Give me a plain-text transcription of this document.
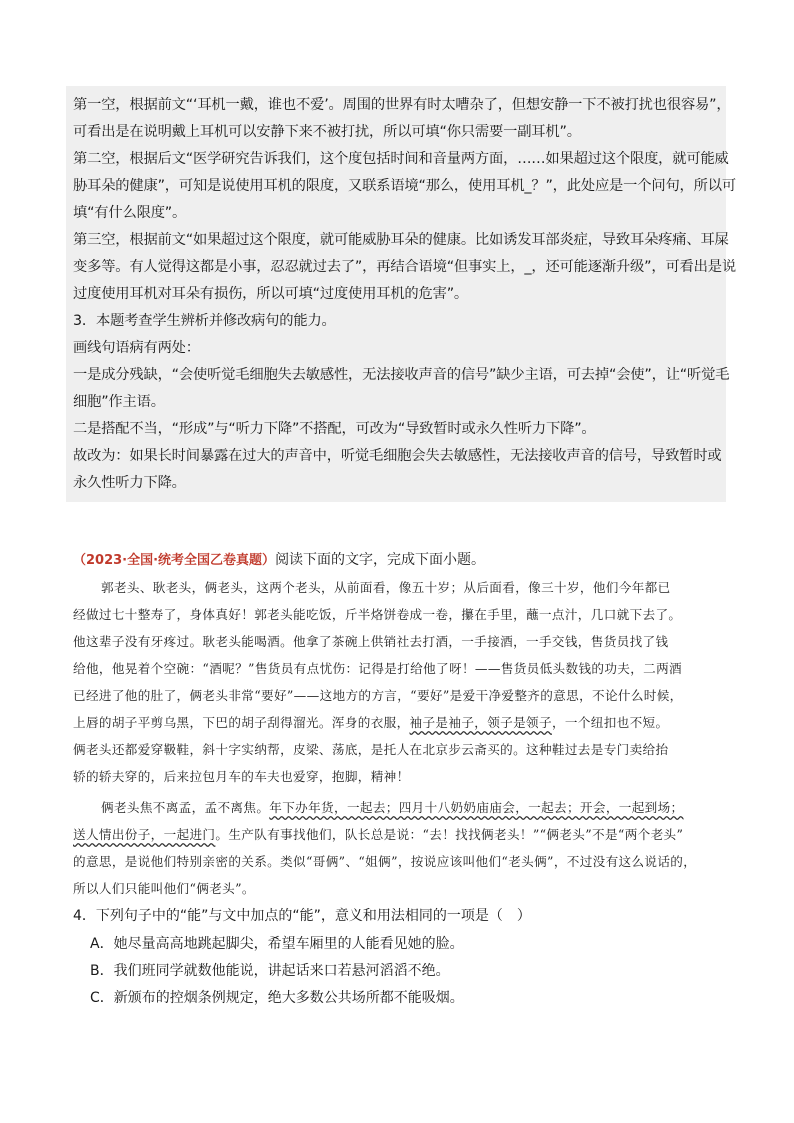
第一空，根据前文“‘耳机一戴，谁也不爱’。周围的世界有时太嘈杂了，但想安静一下不被打扰也很容易”，
可看出是在说明戴上耳机可以安静下来不被打扰，所以可填“你只需要一副耳机”。
第二空，根据后文“医学研究告诉我们，这个度包括时间和音量两方面，……如果超过这个限度，就可能威
胁耳朵的健康”，可知是说使用耳机的限度，又联系语境“那么，使用耳机_？”，此处应是一个问句，所以可
填“有什么限度”。
第三空，根据前文“如果超过这个限度，就可能威胁耳朵的健康。比如诱发耳部炎症，导致耳朵疼痛、耳屎
变多等。有人觉得这都是小事，忍忍就过去了”，再结合语境“但事实上，_，还可能逐渐升级”，可看出是说
过度使用耳机对耳朵有损伤，所以可填“过度使用耳机的危害”。
3．本题考查学生辨析并修改病句的能力。
画线句语病有两处：
一是成分残缺，“会使听觉毛细胞失去敏感性，无法接收声音的信号”缺少主语，可去掉“会使”，让“听觉毛
细胞”作主语。
二是搭配不当，“形成”与“听力下降”不搭配，可改为“导致暂时或永久性听力下降”。
故改为：如果长时间暴露在过大的声音中，听觉毛细胞会失去敏感性，无法接收声音的信号，导致暂时或
永久性听力下降。
（2023·全国·统考全国乙卷真题）阅读下面的文字，完成下面小题。
郭老头、耿老头，俩老头，这两个老头，从前面看，像五十岁；从后面看，像三十岁，他们今年都已
经做过七十整寿了，身体真好！郭老头能吃饭，斤半烙饼卷成一卷，攥在手里，蘸一点汁，几口就下去了。
他这辈子没有牙疼过。耿老头能喝酒。他拿了茶碗上供销社去打酒，一手接酒，一手交钱，售货员找了钱
给他，他晃着个空碗：“酒呢？”售货员有点忧伤：记得是打给他了呀！——售货员低头数钱的功夫，二两酒
已经进了他的肚了，俩老头非常“要好”——这地方的方言，“要好”是爱干净爱整齐的意思，不论什么时候，
上唇的胡子平剪乌黑，下巴的胡子刮得溜光。浑身的衣服，袖子是袖子，领子是领子，一个纽扣也不短。
俩老头还都爱穿靸鞋，斜十字实纳帮，皮梁、荡底，是托人在北京步云斋买的。这种鞋过去是专门卖给抬
轿的轿夫穿的，后来拉包月车的车夫也爱穿，抱脚，精神！
俩老头焦不离孟，孟不离焦。年下办年货，一起去；四月十八奶奶庙庙会，一起去；开会，一起到场；
送人情出份子，一起进门。生产队有事找他们，队长总是说：“去！找找俩老头！”“俩老头”不是“两个老头”
的意思，是说他们特别亲密的关系。类似“哥俩”、“姐俩”，按说应该叫他们“老头俩”，不过没有这么说话的，
所以人们只能叫他们“俩老头”。
4．下列句子中的“能”与文中加点的“能”，意义和用法相同的一项是（　）
A．她尽量高高地跳起脚尖，希望车厢里的人能看见她的脸。
B．我们班同学就数他能说，讲起话来口若悬河滔滔不绝。
C．新颁布的控烟条例规定，绝大多数公共场所都不能吸烟。
